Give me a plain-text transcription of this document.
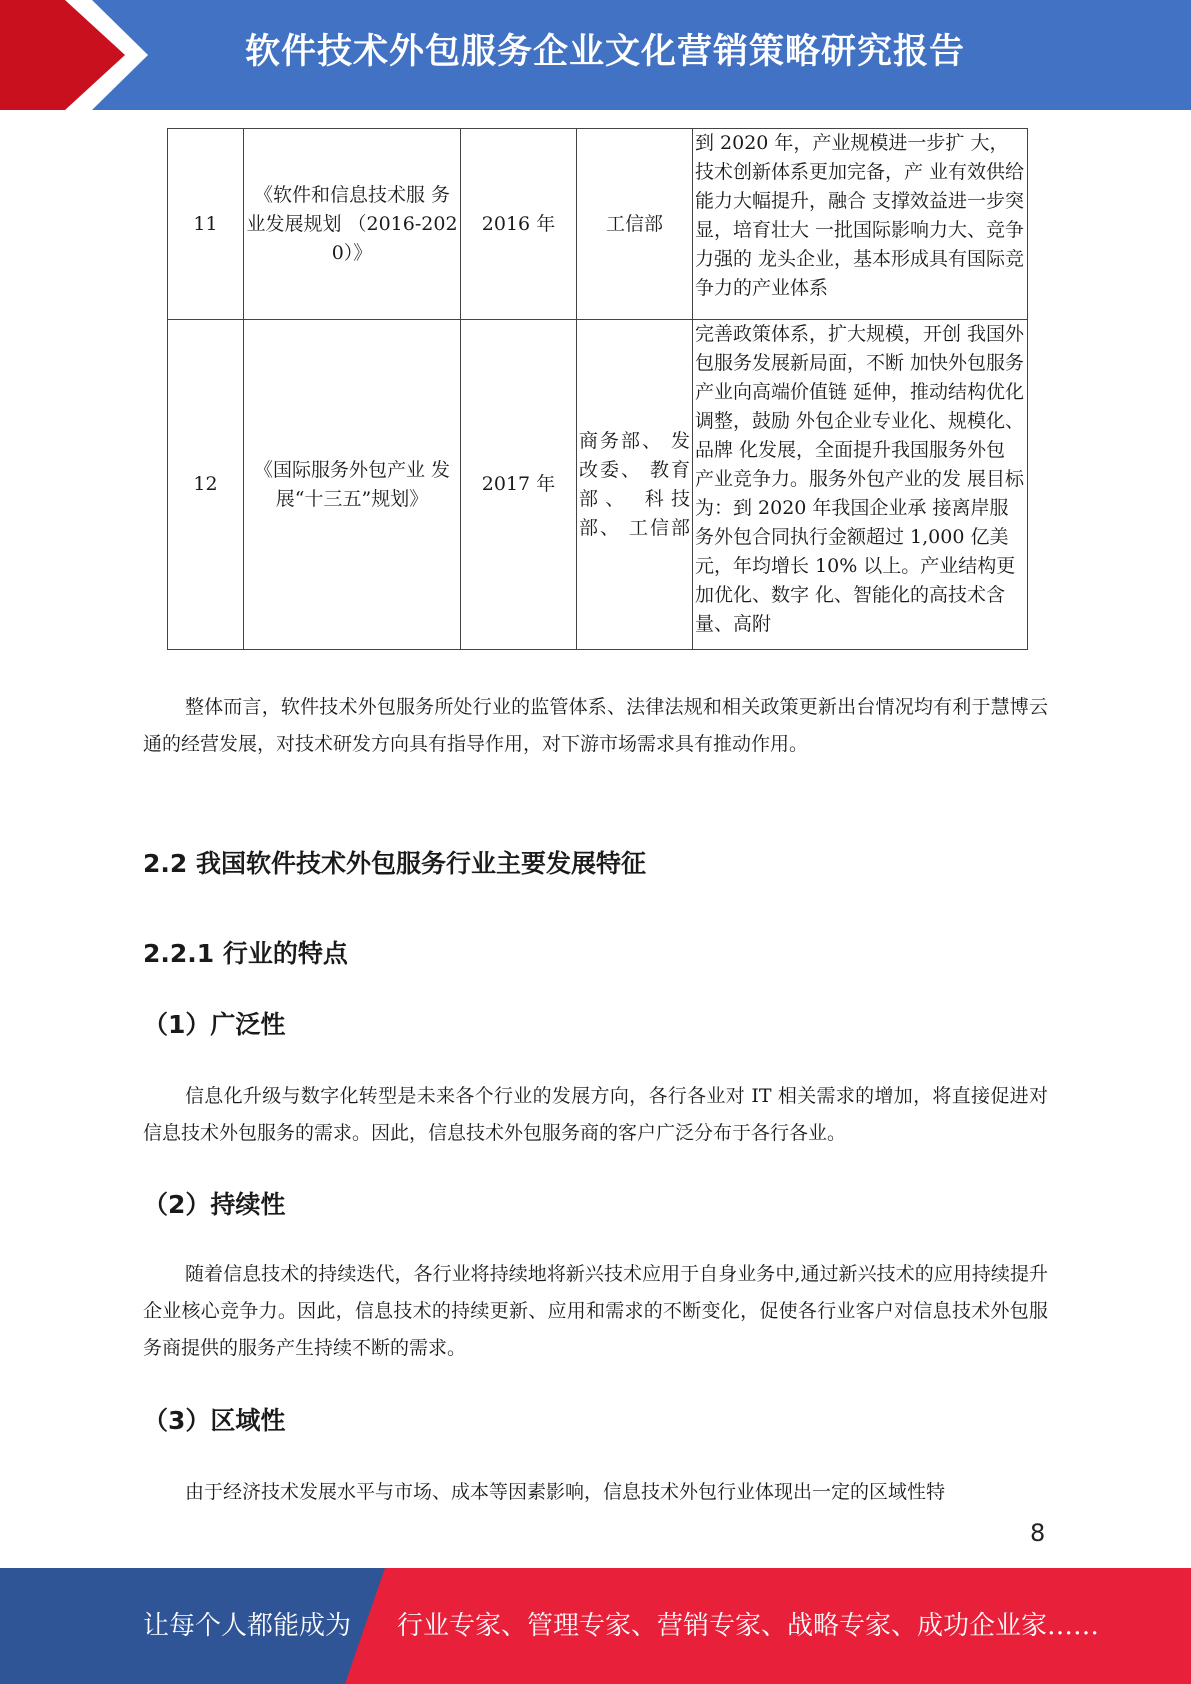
软件技术外包服务企业文化营销策略研究报告
11	《软件和信息技术服 务业发展规划 （2016-2020）》	2016 年	工信部	到 2020 年，产业规模进一步扩 大，技术创新体系更加完备，产 业有效供给能力大幅提升，融合 支撑效益进一步突显，培育壮大 一批国际影响力大、竞争力强的 龙头企业，基本形成具有国际竞 争力的产业体系
12	《国际服务外包产业 发展“十三五”规划》	2017 年	商务部、 发改委、 教育部、 科技部、 工信部	完善政策体系，扩大规模，开创 我国外包服务发展新局面，不断 加快外包服务产业向高端价值链 延伸，推动结构优化调整，鼓励 外包企业专业化、规模化、品牌 化发展，全面提升我国服务外包 产业竞争力。服务外包产业的发 展目标为：到 2020 年我国企业承 接离岸服务外包合同执行金额超过 1,000 亿美元，年均增长 10% 以上。产业结构更加优化、数字 化、智能化的高技术含量、高附

整体而言，软件技术外包服务所处行业的监管体系、法律法规和相关政策更新出台情况均有利于慧博云通的经营发展，对技术研发方向具有指导作用，对下游市场需求具有推动作用。

2.2 我国软件技术外包服务行业主要发展特征
2.2.1 行业的特点
（1）广泛性

信息化升级与数字化转型是未来各个行业的发展方向，各行各业对 IT 相关需求的增加，将直接促进对信息技术外包服务的需求。因此，信息技术外包服务商的客户广泛分布于各行各业。

（2）持续性

随着信息技术的持续迭代，各行业将持续地将新兴技术应用于自身业务中,通过新兴技术的应用持续提升企业核心竞争力。因此，信息技术的持续更新、应用和需求的不断变化，促使各行业客户对信息技术外包服务商提供的服务产生持续不断的需求。

（3）区域性

由于经济技术发展水平与市场、成本等因素影响，信息技术外包行业体现出一定的区域性特

8
让每个人都能成为 行业专家、管理专家、营销专家、战略专家、成功企业家……
